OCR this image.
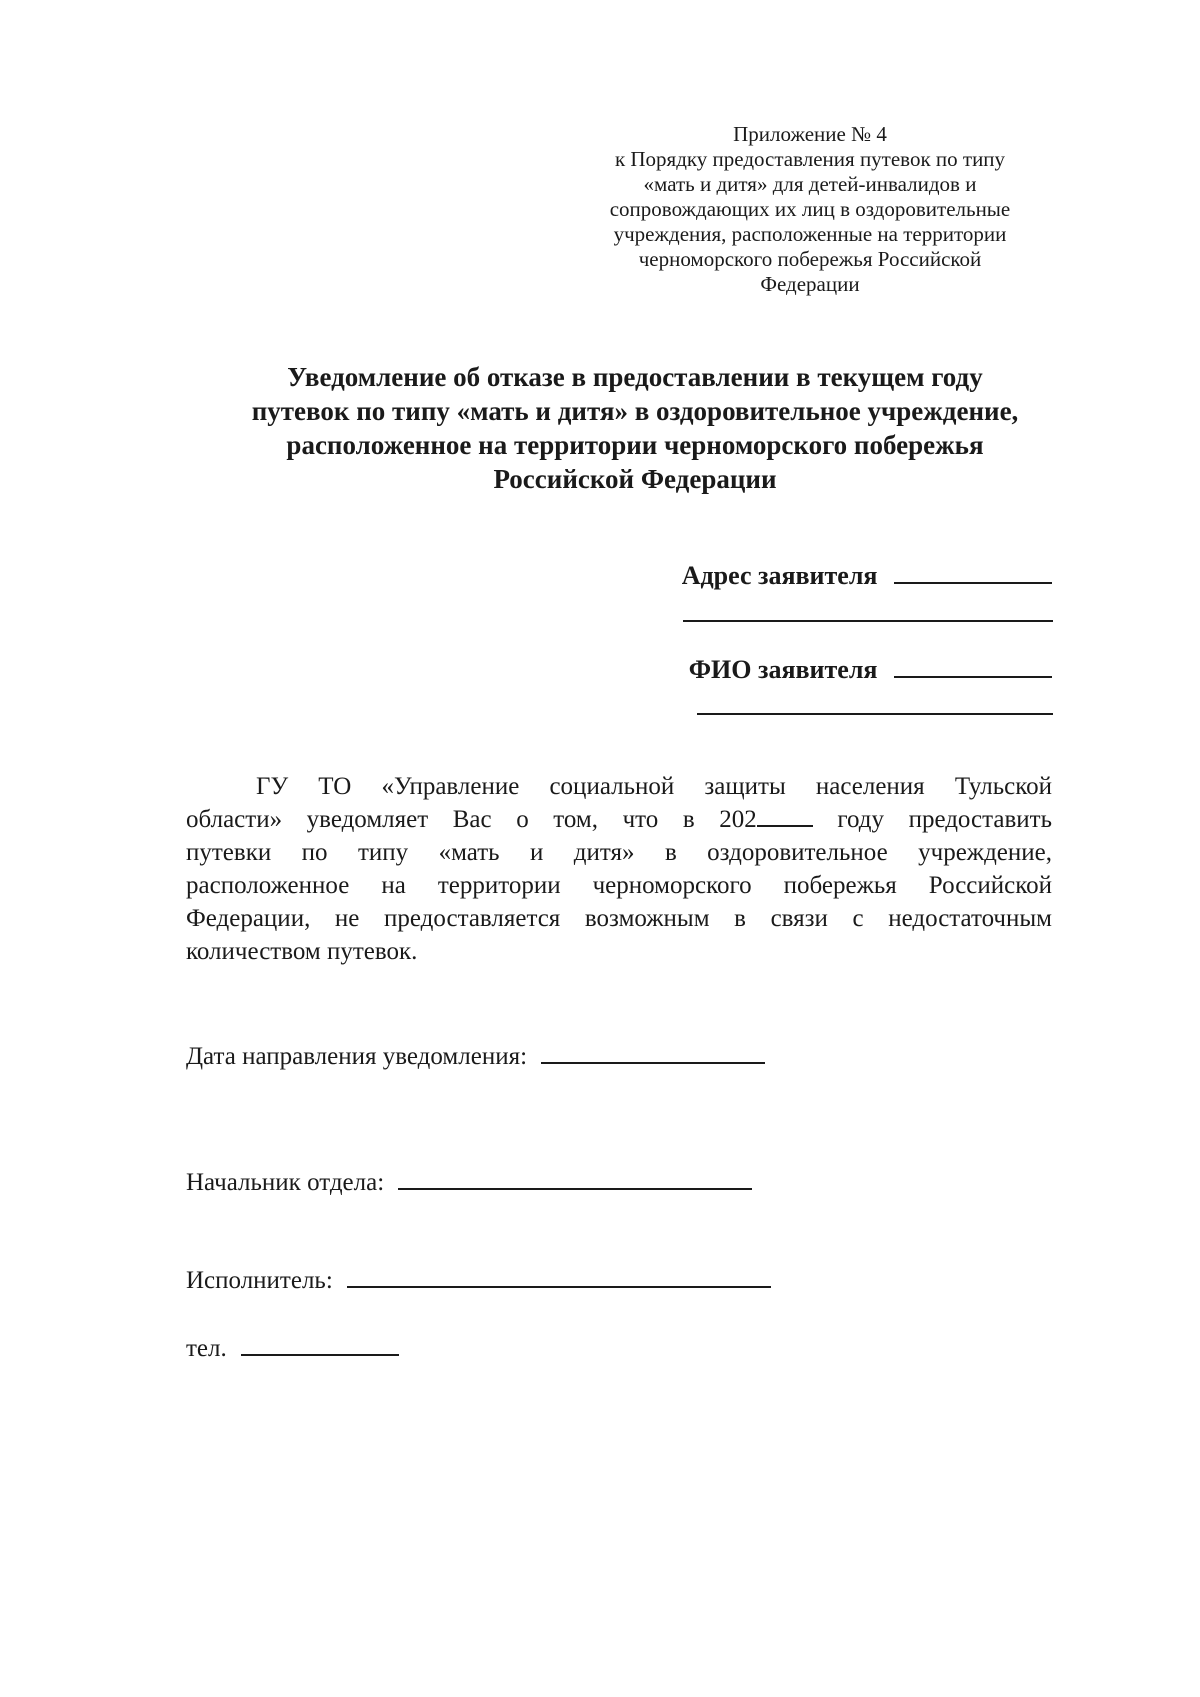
Приложение № 4
к Порядку предоставления путевок по типу
«мать и дитя» для детей-инвалидов и
сопровождающих их лиц в оздоровительные
учреждения, расположенные на территории
черноморского побережья Российской
Федерации
Уведомление об отказе в предоставлении в текущем году
путевок по типу «мать и дитя» в оздоровительное учреждение,
расположенное на территории черноморского побережья
Российской Федерации
Адрес заявителя
ФИО заявителя
ГУ ТО «Управление социальной защиты населения Тульской
области» уведомляет Вас о том, что в 202	году предоставить
путевки по типу «мать и дитя» в оздоровительное учреждение,
расположенное на территории черноморского побережья Российской
Федерации, не предоставляется возможным в связи с недостаточным
количеством путевок.
Дата направления уведомления:
Начальник отдела:
Исполнитель:
тел.
